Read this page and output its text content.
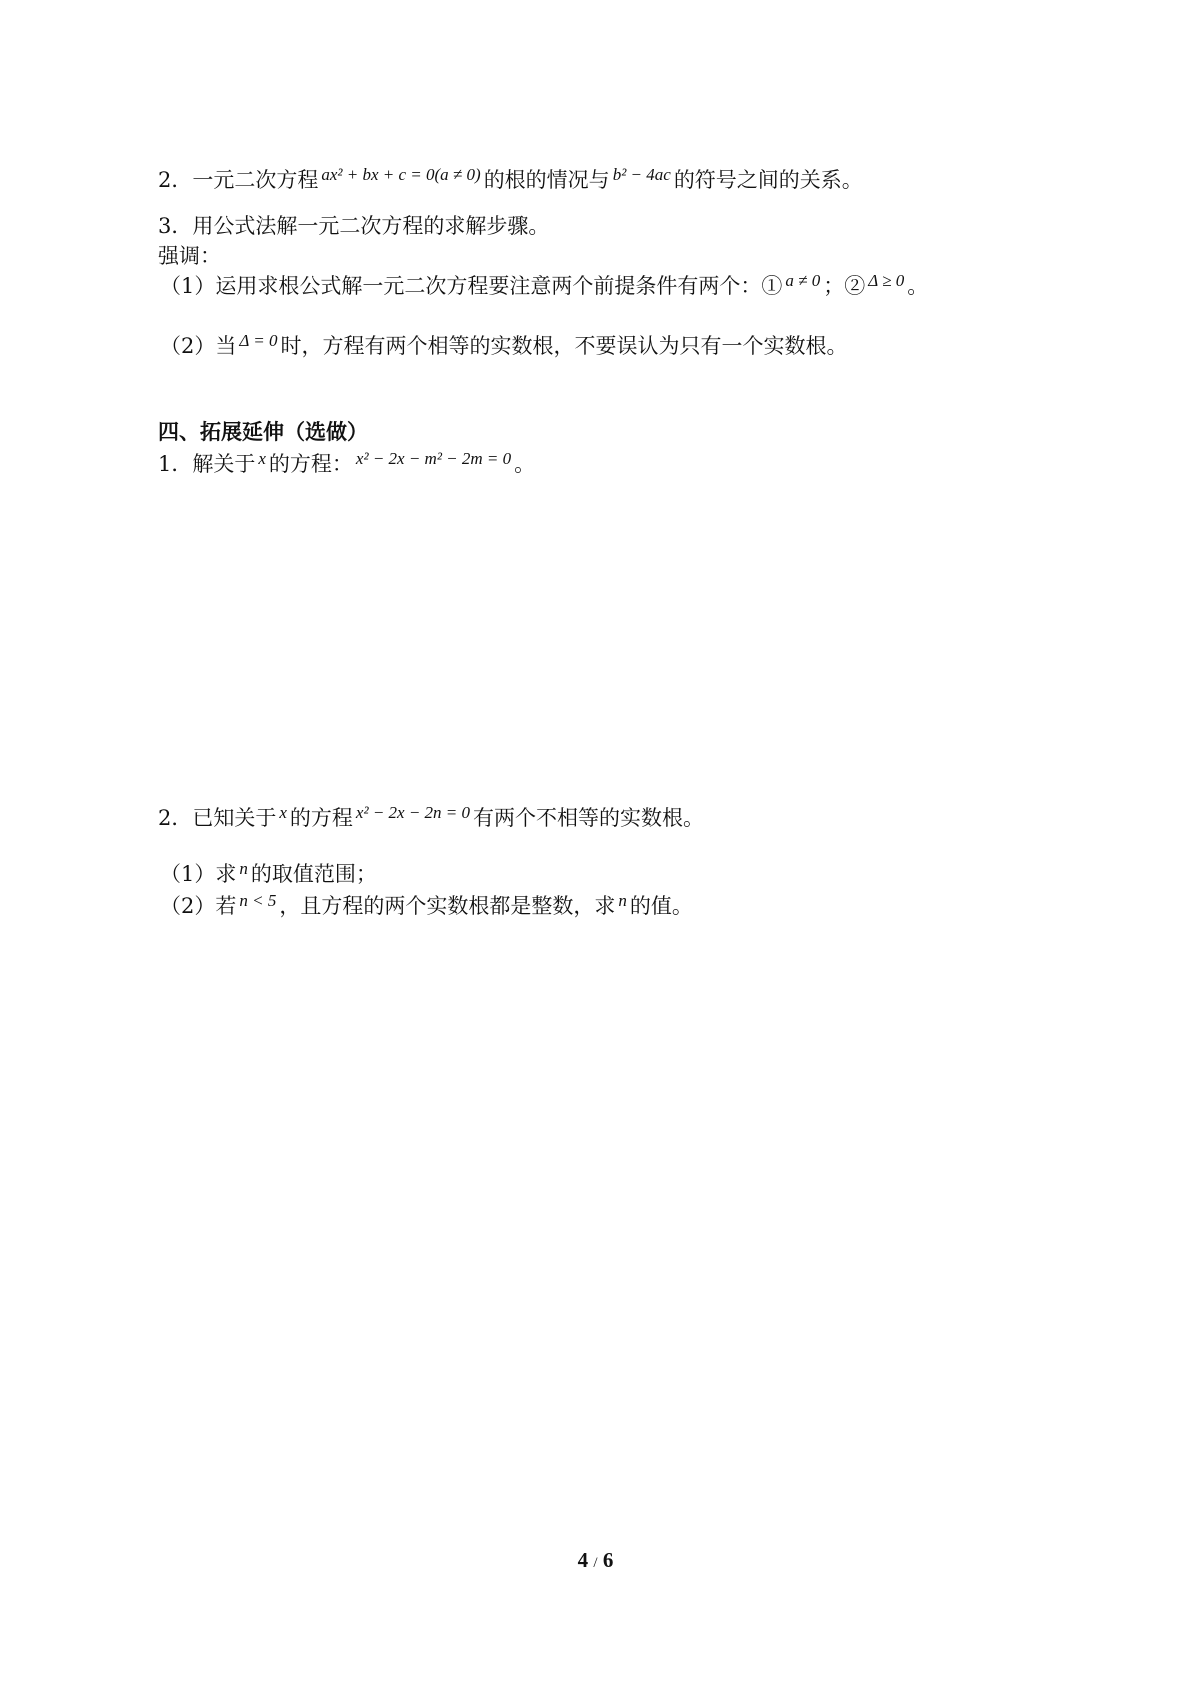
2．一元二次方程 $^{ax^2 + bx + c = 0(a \ne 0)}$ 的根的情况与 $^{b^2 - 4ac}$ 的符号之间的关系。
3．用公式法解一元二次方程的求解步骤。
强调：
（1）运用求根公式解一元二次方程要注意两个前提条件有两个：① $^{a \ne 0}$ ；② $^{\Delta \ge 0}$ 。
（2）当 $^{\Delta = 0}$ 时，方程有两个相等的实数根，不要误认为只有一个实数根。
四、拓展延伸（选做）
1．解关于 $^x$ 的方程： $^{x^2 - 2x - m^2 - 2m = 0}$ 。
2．已知关于 $^x$ 的方程 $^{x^2 - 2x - 2n = 0}$ 有两个不相等的实数根。
（1）求 $^n$ 的取值范围；
（2）若 $^{n < 5}$ ，且方程的两个实数根都是整数，求 $^n$ 的值。
4 / 6
